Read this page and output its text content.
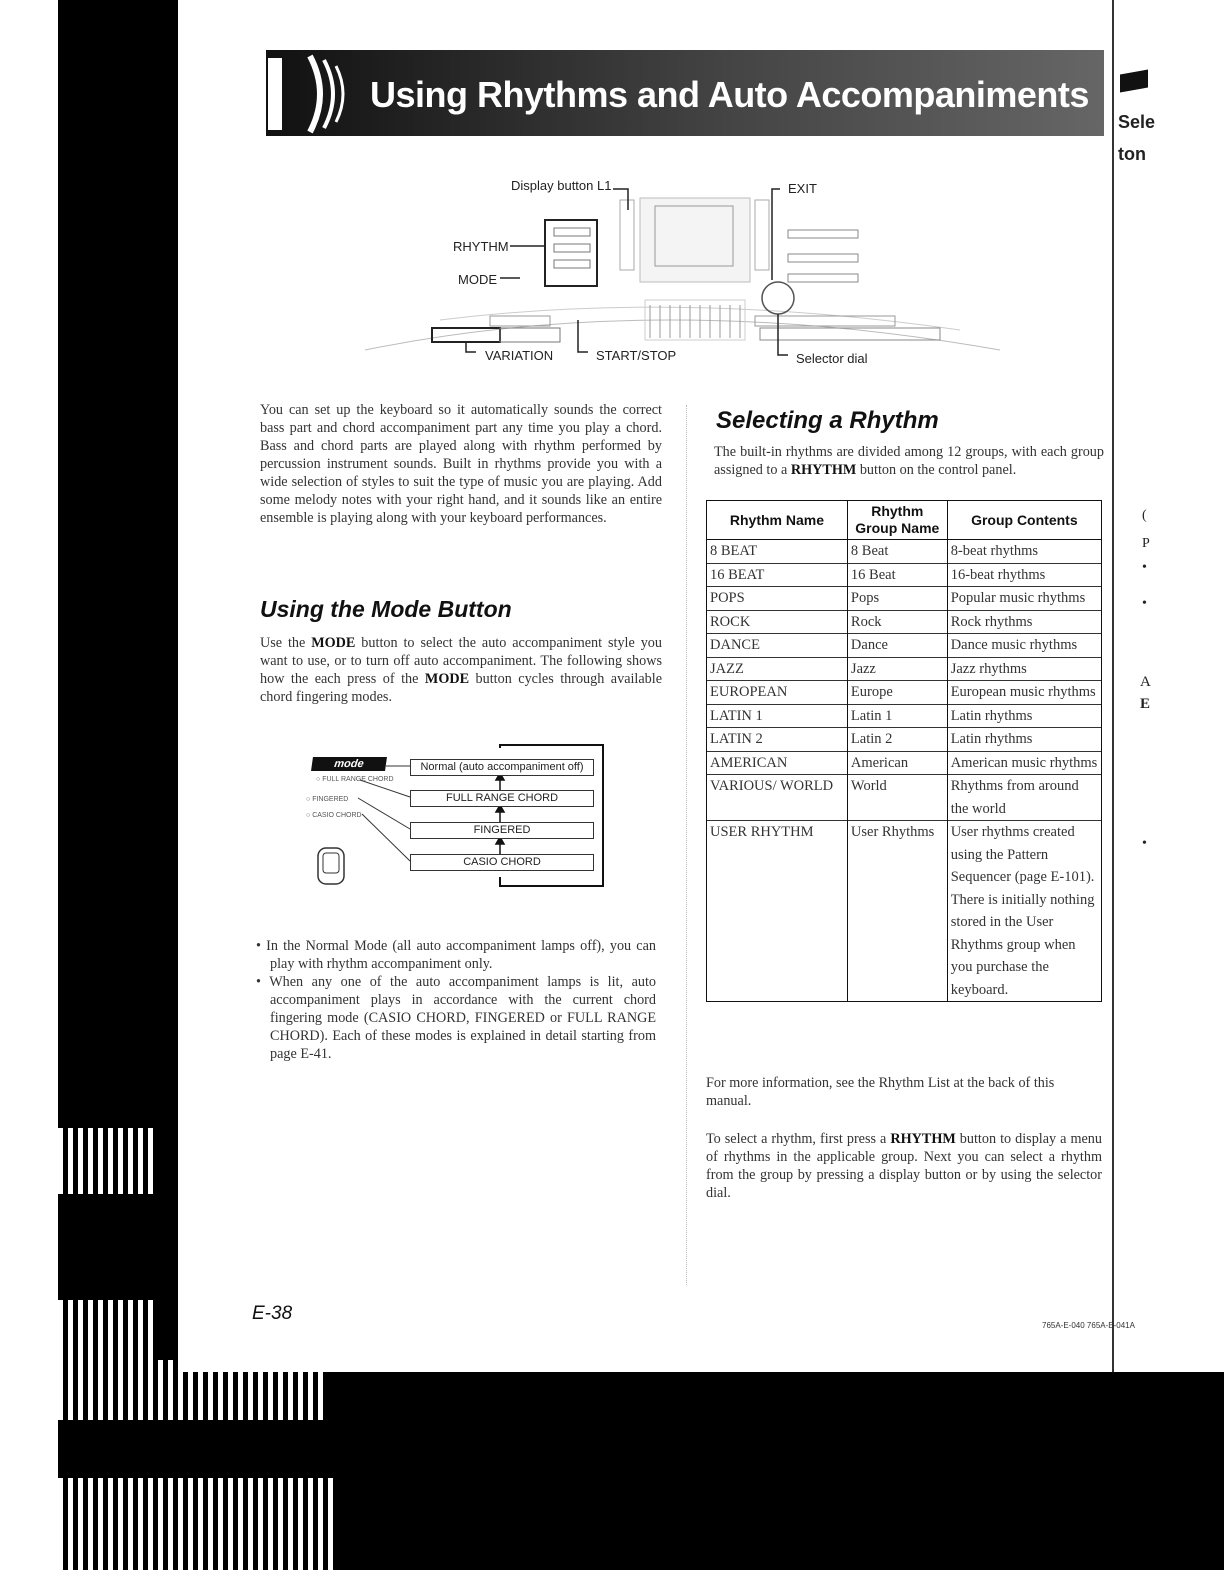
Sele
ton
(
P
•
•
A
E
•
Using Rhythms and Auto Accompaniments
Display button L1	EXIT
RHYTHM
MODE
VARIATION	START/STOP	Selector dial
You can set up the keyboard so it automatically sounds the correct bass part and chord accompaniment part any time you play a chord. Bass and chord parts are played along with rhythm performed by percussion instrument sounds. Built in rhythms provide you with a wide selection of styles to suit the type of music you are playing. Add some melody notes with your right hand, and it sounds like an entire ensemble is playing along with your keyboard performances.
Using the Mode Button
Use the MODE button to select the auto accompaniment style you want to use, or to turn off auto accompaniment. The following shows how the each press of the MODE button cycles through available chord fingering modes.
mode
○ FULL RANGE CHORD
○ FINGERED
○ CASIO CHORD
Normal (auto accompaniment off)
FULL RANGE CHORD
FINGERED
CASIO CHORD
• In the Normal Mode (all auto accompaniment lamps off), you can play with rhythm accompaniment only.
• When any one of the auto accompaniment lamps is lit, auto accompaniment plays in accordance with the current chord fingering mode (CASIO CHORD, FINGERED or FULL RANGE CHORD). Each of these modes is explained in detail starting from page E-41.
Selecting a Rhythm
The built-in rhythms are divided among 12 groups, with each group assigned to a RHYTHM button on the control panel.
Rhythm Name	Rhythm Group Name	Group Contents
8 BEAT	8 Beat	8-beat rhythms
16 BEAT	16 Beat	16-beat rhythms
POPS	Pops	Popular music rhythms
ROCK	Rock	Rock rhythms
DANCE	Dance	Dance music rhythms
JAZZ	Jazz	Jazz rhythms
EUROPEAN	Europe	European music rhythms
LATIN 1	Latin 1	Latin rhythms
LATIN 2	Latin 2	Latin rhythms
AMERICAN	American	American music rhythms
VARIOUS/ WORLD	World	Rhythms from around the world
USER RHYTHM	User Rhythms	User rhythms created using the Pattern Sequencer (page E-101). There is initially nothing stored in the User Rhythms group when you purchase the keyboard.
For more information, see the Rhythm List at the back of this manual.
To select a rhythm, first press a RHYTHM button to display a menu of rhythms in the applicable group. Next you can select a rhythm from the group by pressing a display button or by using the selector dial.
E-38
765A-E-040 765A-E-041A
